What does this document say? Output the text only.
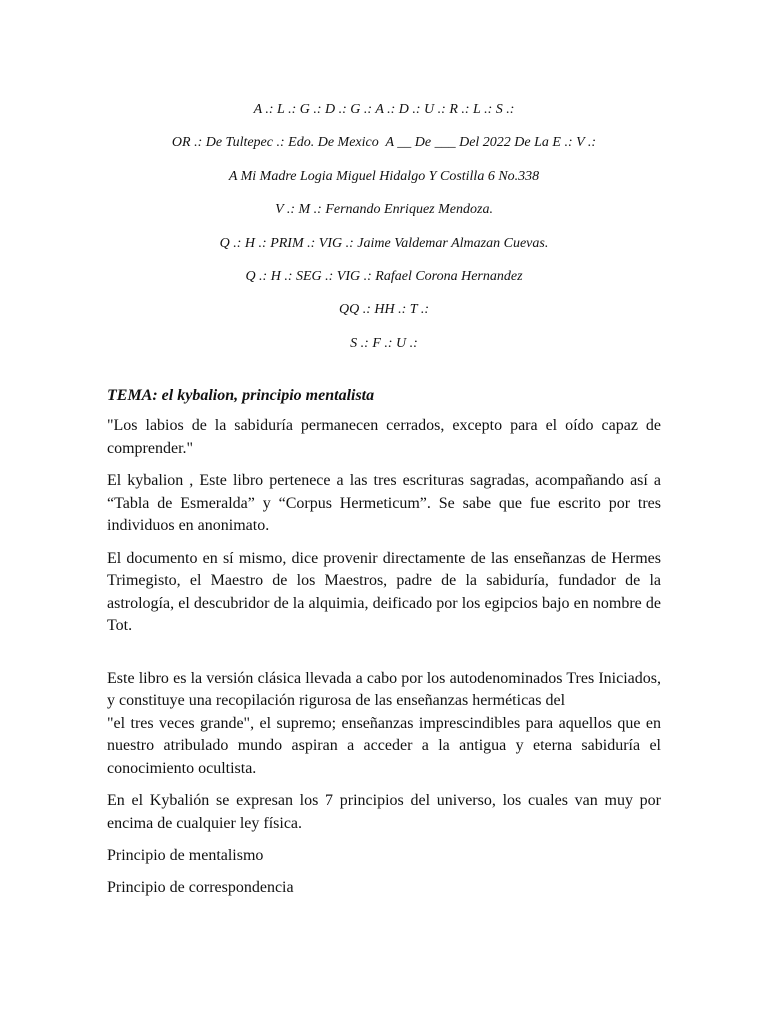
A .: L .: G .: D .: G .: A .: D .: U .: R .: L .: S .:
OR .: De Tultepec .: Edo. De Mexico  A __ De ___ Del 2022 De La E .: V .:
A Mi Madre Logia Miguel Hidalgo Y Costilla 6 No.338
V .: M .: Fernando Enriquez Mendoza.
Q .: H .: PRIM .: VIG .: Jaime Valdemar Almazan Cuevas.
Q .: H .: SEG .: VIG .: Rafael Corona Hernandez
QQ .: HH .: T .:
S .: F .: U .:
TEMA: el kybalion, principio mentalista

"Los labios de la sabiduría permanecen cerrados, excepto para el oído capaz de comprender."

El kybalion , Este libro pertenece a las tres escrituras sagradas, acompañando así a “Tabla de Esmeralda” y “Corpus Hermeticum”. Se sabe que fue escrito por tres individuos en anonimato.

El documento en sí mismo, dice provenir directamente de las enseñanzas de Hermes Trimegisto, el Maestro de los Maestros, padre de la sabiduría, fundador de la astrología, el descubridor de la alquimia, deificado por los egipcios bajo en nombre de Tot.

Este libro es la versión clásica llevada a cabo por los autodenominados Tres Iniciados, y constituye una recopilación rigurosa de las enseñanzas herméticas del

"el tres veces grande", el supremo; enseñanzas imprescindibles para aquellos que en nuestro atribulado mundo aspiran a acceder a la antigua y eterna sabiduría el conocimiento ocultista.

En el Kybalión se expresan los 7 principios del universo, los cuales van muy por encima de cualquier ley física.

Principio de mentalismo
Principio de correspondencia
